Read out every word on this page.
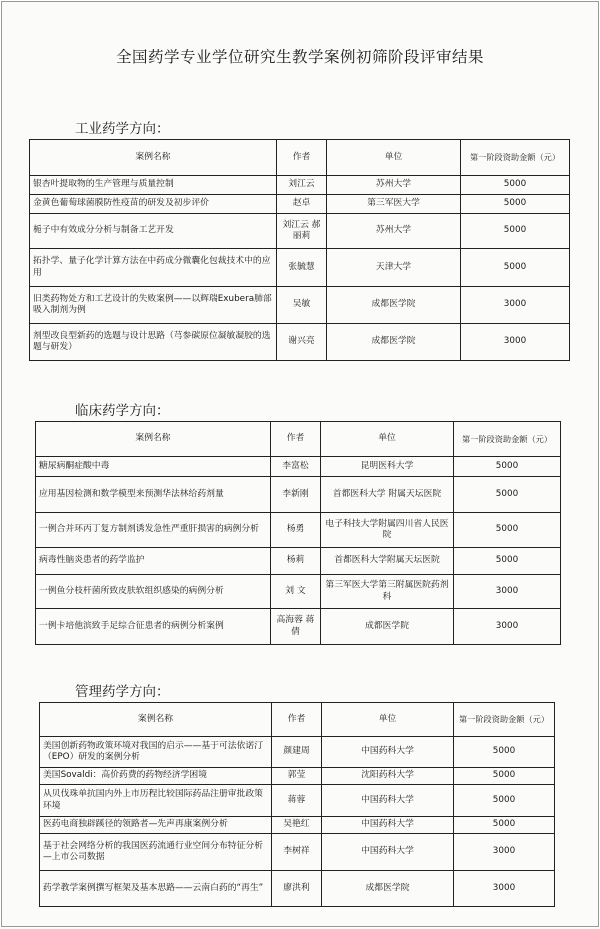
全国药学专业学位研究生教学案例初筛阶段评审结果
工业药学方向：
案例名称	作者	单位	第一阶段资助金额（元）
银杏叶提取物的生产管理与质量控制	刘江云	苏州大学	5000
金黄色葡萄球菌膜防性疫苗的研发及初步评价	赵卓	第三军医大学	5000
栀子中有效成分分析与制备工艺开发	刘江云 郝丽莉	苏州大学	5000
拓扑学、量子化学计算方法在中药成分微囊化包裁技术中的应用	张毓慧	天津大学	5000
旧类药物处方和工艺设计的失败案例——以辉瑞Exubera肺部吸入制剂为例	吴敏	成都医学院	3000
剂型改良型新药的选题与设计思路（芎参碳原位凝敏凝胶的选题与研发）	谢兴亮	成都医学院	3000
临床药学方向：
案例名称	作者	单位	第一阶段资助金额（元）
糖尿病酮症酸中毒	李富松	昆明医科大学	5000
应用基因检测和数学模型来预测华法林给药剂量	李新刚	首都医科大学 附属天坛医院	5000
一例合并环丙丁复方制剂诱发急性严重肝损害的病例分析	杨勇	电子科技大学附属四川省人民医院	5000
病毒性脑炎患者的药学监护	杨莉	首都医科大学附属天坛医院	5000
一例鱼分枝杆菌所致皮肤软组织感染的病例分析	刘 文	第三军医大学第三附属医院药剂科	3000
一例卡培他滨致手足综合征患者的病例分析案例	高海蓉 蒋倩	成都医学院	3000
管理药学方向：
案例名称	作者	单位	第一阶段资助金额（元）
美国创新药物政策环境对我国的启示——基于可法依诺汀（EPO）研发的案例分析	颜建周	中国药科大学	5000
美国Sovaldi：高价药费的药物经济学困境	郭莹	沈阳药科大学	5000
从贝伐珠单抗国内外上市历程比较国际药品注册审批政策环境	蒋蓉	中国药科大学	5000
医药电商独辟蹊径的领路者—先声再康案例分析	吴艳红	中国药科大学	5000
基于社会网络分析的我国医药流通行业空间分布特征分析—上市公司数据	李树祥	中国药科大学	3000
药学教学案例撰写框架及基本思路——云南白药的“再生”	廖洪利	成都医学院	3000
